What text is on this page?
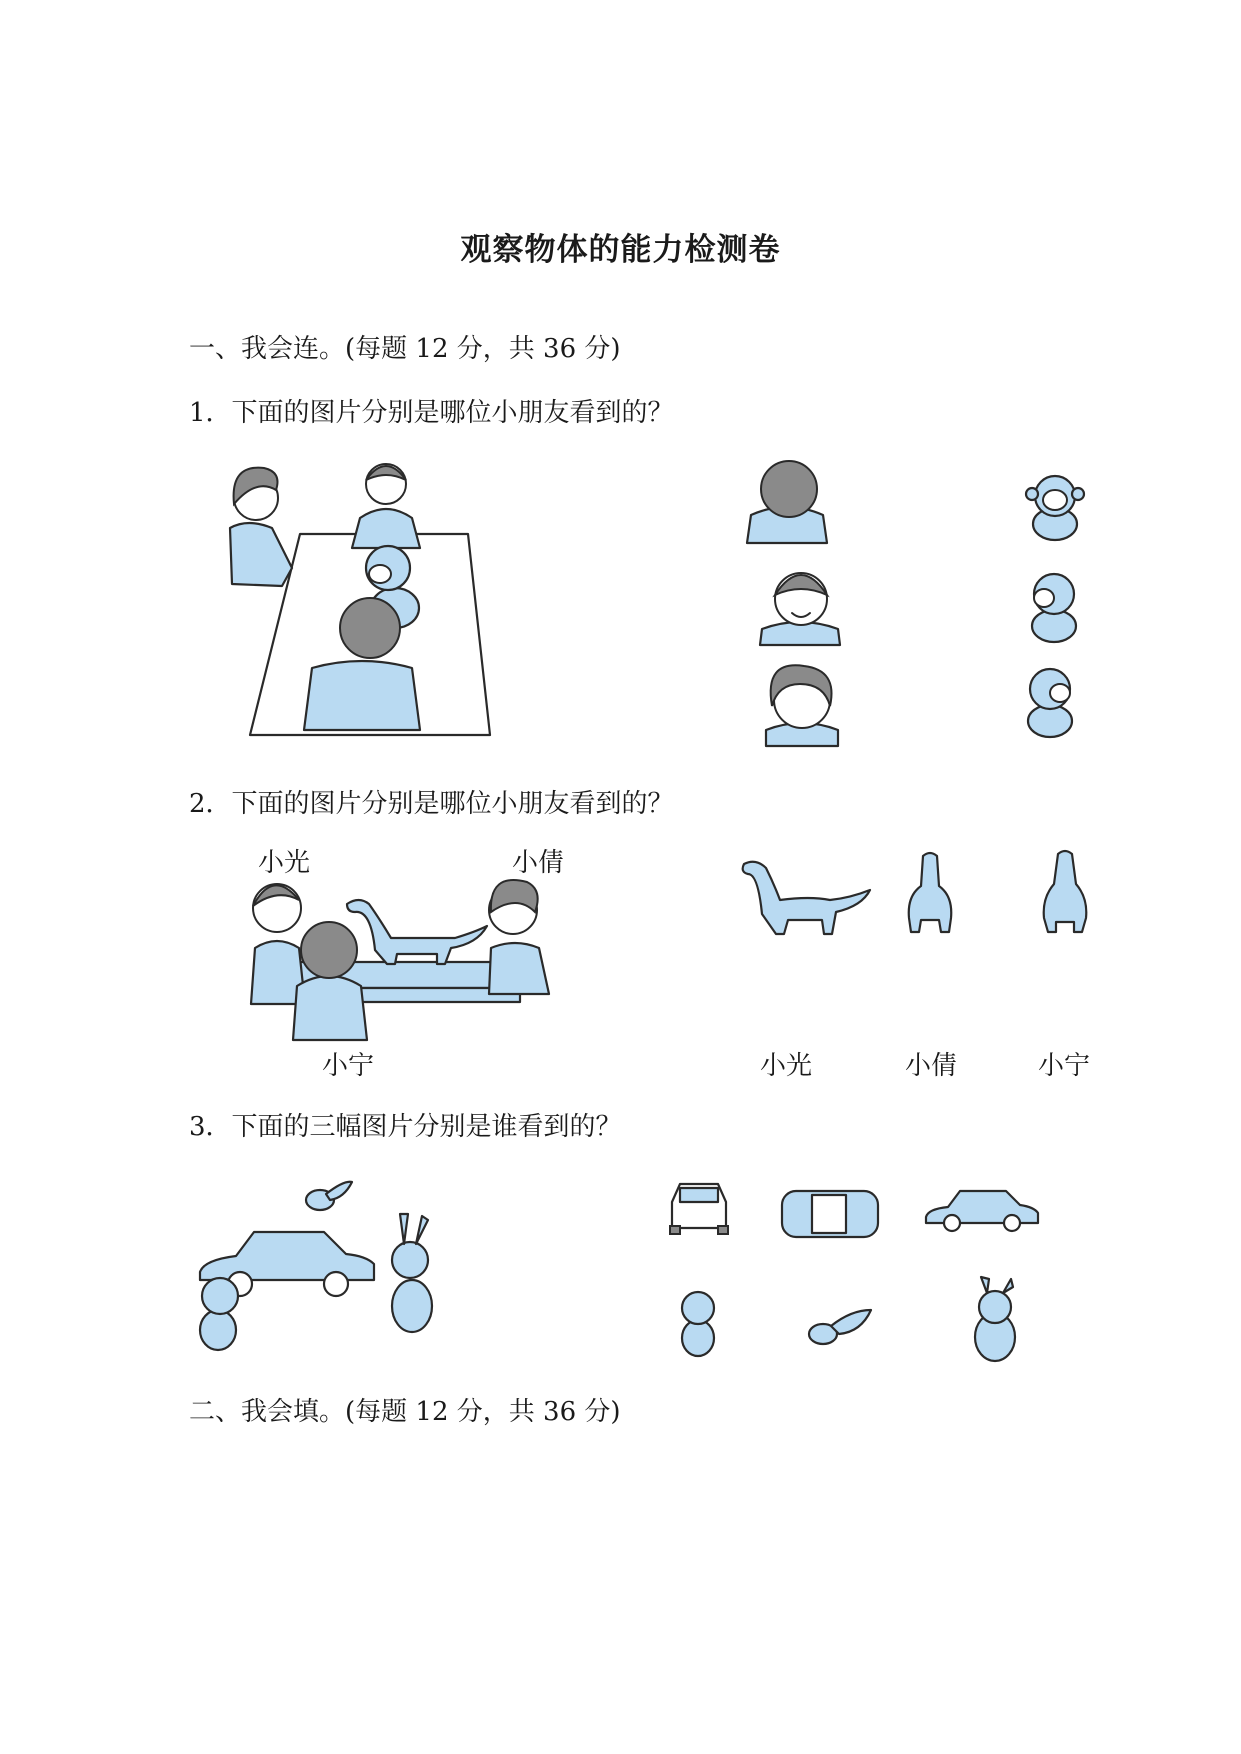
观察物体的能力检测卷
一、我会连。(每题 12 分，共 36 分)
1．下面的图片分别是哪位小朋友看到的？
2．下面的图片分别是哪位小朋友看到的？
小光	小倩
小宁	小光	小倩	小宁
3．下面的三幅图片分别是谁看到的？
二、我会填。(每题 12 分，共 36 分)
